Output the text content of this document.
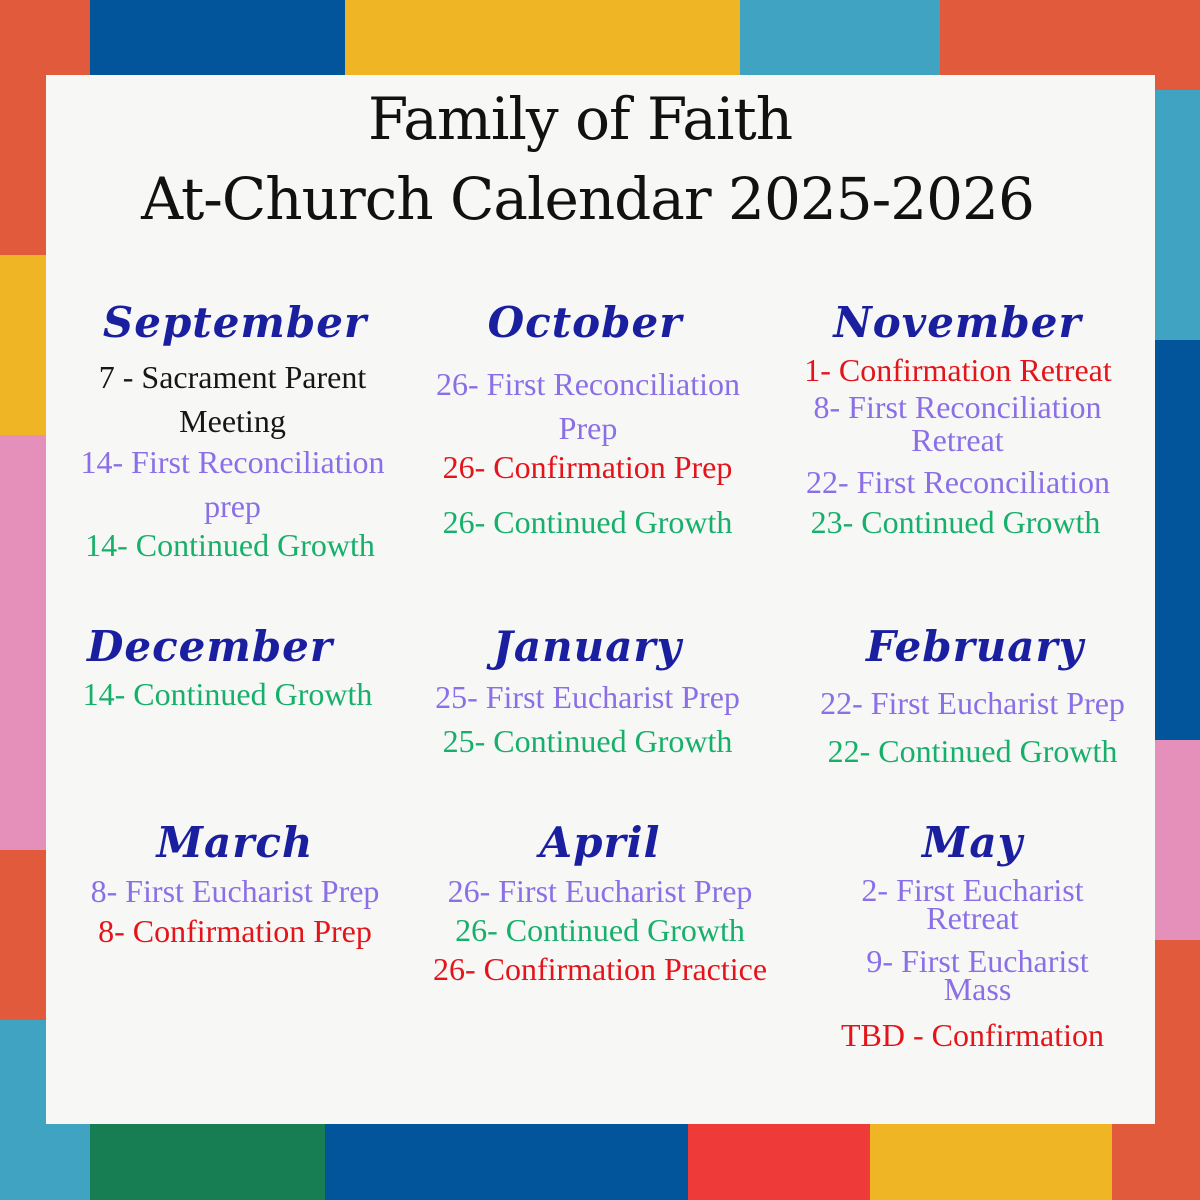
Family of Faith
At-Church Calendar 2025-2026
September
7 - Sacrament Parent Meeting
14- First Reconciliation prep
14- Continued Growth
October
26- First Reconciliation Prep
26- Confirmation Prep
26- Continued Growth
November
1- Confirmation Retreat
8- First Reconciliation Retreat
22- First Reconciliation
23- Continued Growth
December
14- Continued Growth
January
25- First Eucharist Prep
25- Continued Growth
February
22- First Eucharist Prep
22- Continued Growth
March
8- First Eucharist Prep
8- Confirmation Prep
April
26- First Eucharist Prep
26- Continued Growth
26- Confirmation Practice
May
2- First Eucharist Retreat
9- First Eucharist Mass
TBD - Confirmation
